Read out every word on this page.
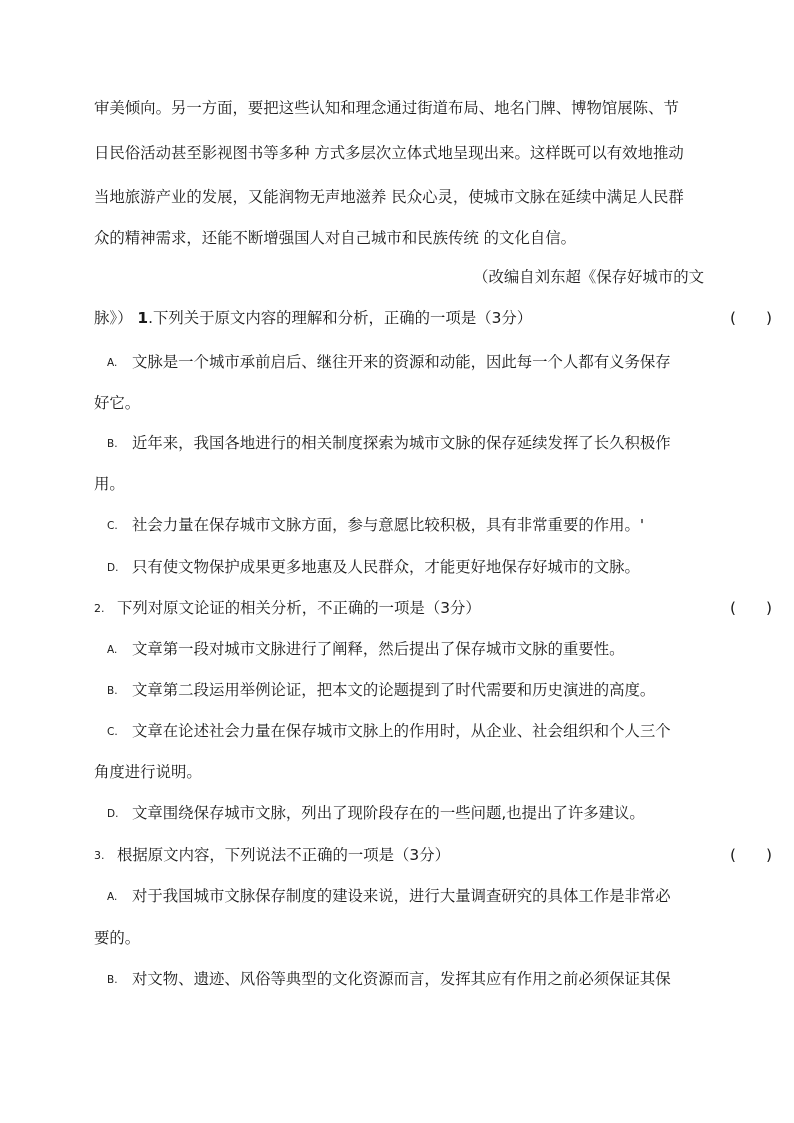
审美倾向。另一方面，要把这些认知和理念通过街道布局、地名门牌、博物馆展陈、节
日民俗活动甚至影视图书等多种 方式多层次立体式地呈现出来。这样既可以有效地推动
当地旅游产业的发展，又能润物无声地滋养 民众心灵，使城市文脉在延续中满足人民群
众的精神需求，还能不断增强国人对自己城市和民族传统 的文化自信。
（改编自刘东超《保存好城市的文
脉》） 1.下列关于原文内容的理解和分析，正确的一项是（3分）	( )
A. 文脉是一个城市承前启后、继往开来的资源和动能，因此每一个人都有义务保存
好它。
B. 近年来，我国各地进行的相关制度探索为城市文脉的保存延续发挥了长久积极作
用。
C. 社会力量在保存城市文脉方面，参与意愿比较积极，具有非常重要的作用。'
D. 只有使文物保护成果更多地惠及人民群众，才能更好地保存好城市的文脉。
2. 下列对原文论证的相关分析，不正确的一项是（3分）	( )
A. 文章第一段对城市文脉进行了阐释，然后提出了保存城市文脉的重要性。
B. 文章第二段运用举例论证，把本文的论题提到了时代需要和历史演进的高度。
C. 文章在论述社会力量在保存城市文脉上的作用时，从企业、社会组织和个人三个
角度进行说明。
D. 文章围绕保存城市文脉，列出了现阶段存在的一些问题,也提出了许多建议。
3. 根据原文内容，下列说法不正确的一项是（3分）	( )
A. 对于我国城市文脉保存制度的建设来说，进行大量调查研究的具体工作是非常必
要的。
B. 对文物、遗迹、风俗等典型的文化资源而言，发挥其应有作用之前必须保证其保
